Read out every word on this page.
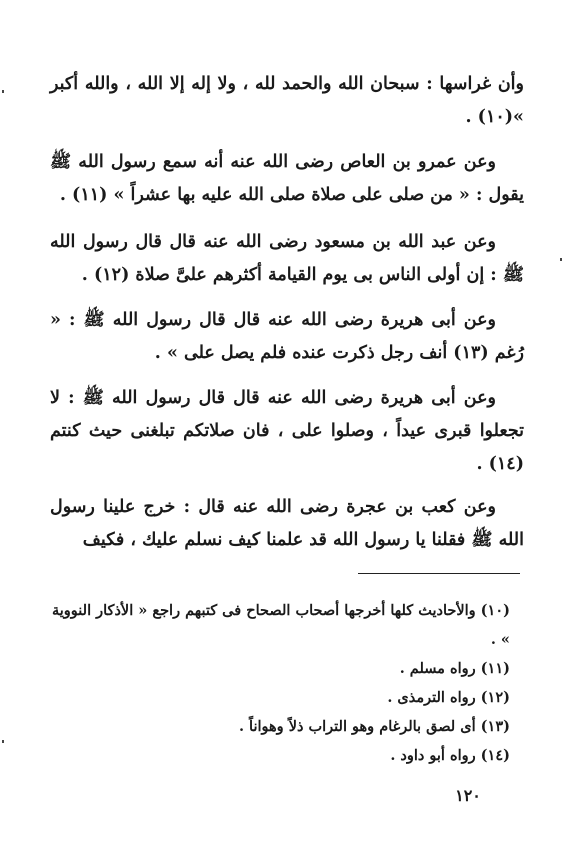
وأن غراسها : سبحان الله والحمد لله ، ولا إله إلا الله ، والله أكبر »(١٠) .

وعن عمرو بن العاص رضى الله عنه أنه سمع رسول الله ﷺ يقول : « من صلى على صلاة صلى الله عليه بها عشراً » (١١) .

وعن عبد الله بن مسعود رضى الله عنه قال قال رسول الله ﷺ : إن أولى الناس بى يوم القيامة أكثرهم علىَّ صلاة (١٢) .

وعن أبى هريرة رضى الله عنه قال قال رسول الله ﷺ : « رُغم (١٣) أنف رجل ذكرت عنده فلم يصل على » .

وعن أبى هريرة رضى الله عنه قال قال رسول الله ﷺ : لا تجعلوا قبرى عيداً ، وصلوا على ، فان صلاتكم تبلغنى حيث كنتم (١٤) .

وعن كعب بن عجرة رضى الله عنه قال : خرج علينا رسول الله ﷺ فقلنا يا رسول الله قد علمنا كيف نسلم عليك ، فكيف

(١٠) والأحاديث كلها أخرجها أصحاب الصحاح فى كتبهم راجع « الأذكار النووية » .

(١١) رواه مسلم .

(١٢) رواه الترمذى .

(١٣) أى لصق بالرغام وهو التراب ذلاً وهواناً .

(١٤) رواه أبو داود .

١٢٠
